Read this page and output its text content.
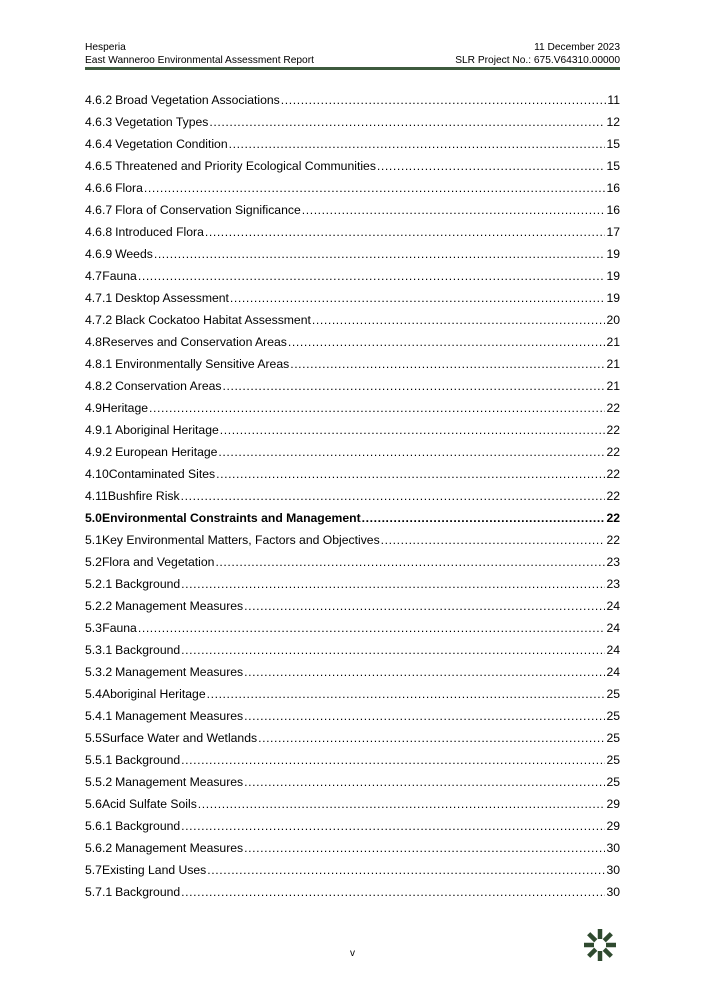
Hesperia	11 December 2023
East Wanneroo Environmental Assessment Report	SLR Project No.: 675.V64310.00000
4.6.2 Broad Vegetation Associations .....	11
4.6.3 Vegetation Types .....	12
4.6.4 Vegetation Condition .....	15
4.6.5 Threatened and Priority Ecological Communities .....	15
4.6.6 Flora .....	16
4.6.7 Flora of Conservation Significance .....	16
4.6.8 Introduced Flora .....	17
4.6.9 Weeds .....	19
4.7 Fauna .....	19
4.7.1 Desktop Assessment .....	19
4.7.2 Black Cockatoo Habitat Assessment .....	20
4.8 Reserves and Conservation Areas .....	21
4.8.1 Environmentally Sensitive Areas .....	21
4.8.2 Conservation Areas .....	21
4.9 Heritage .....	22
4.9.1 Aboriginal Heritage .....	22
4.9.2 European Heritage .....	22
4.10 Contaminated Sites .....	22
4.11 Bushfire Risk .....	22
5.0 Environmental Constraints and Management .....	22
5.1 Key Environmental Matters, Factors and Objectives .....	22
5.2 Flora and Vegetation .....	23
5.2.1 Background .....	23
5.2.2 Management Measures .....	24
5.3 Fauna .....	24
5.3.1 Background .....	24
5.3.2 Management Measures .....	24
5.4 Aboriginal Heritage .....	25
5.4.1 Management Measures .....	25
5.5 Surface Water and Wetlands .....	25
5.5.1 Background .....	25
5.5.2 Management Measures .....	25
5.6 Acid Sulfate Soils .....	29
5.6.1 Background .....	29
5.6.2 Management Measures .....	30
5.7 Existing Land Uses .....	30
5.7.1 Background .....	30
v
